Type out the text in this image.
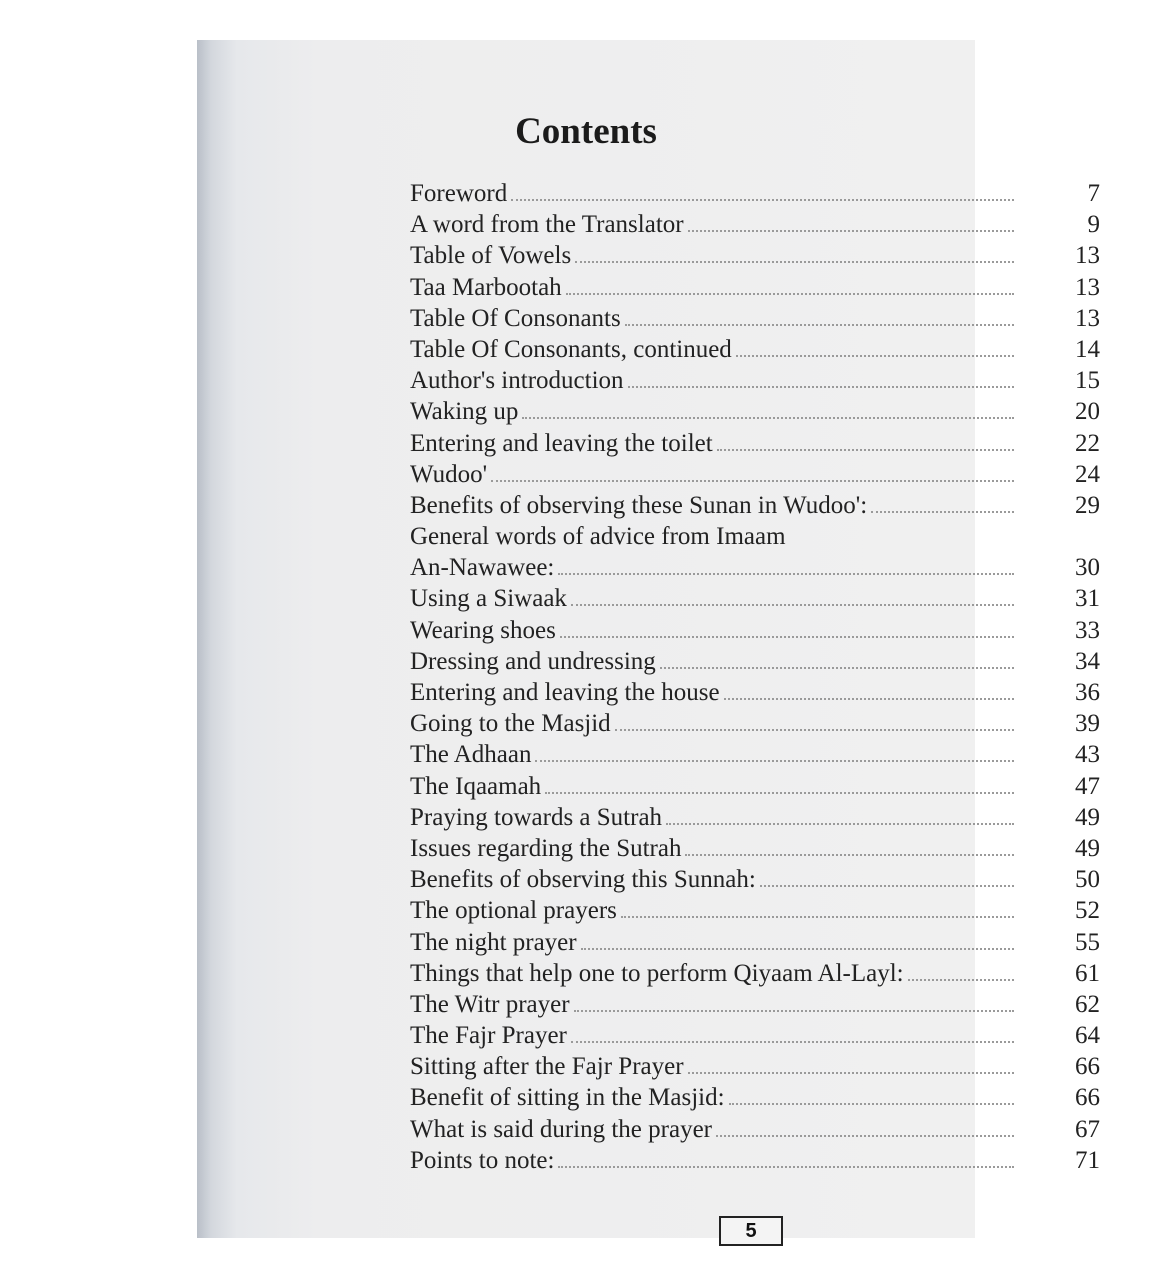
Contents
Foreword	7
A word from the Translator	9
Table of Vowels	13
Taa Marbootah	13
Table Of Consonants	13
Table Of Consonants, continued	14
Author's introduction	15
Waking up	20
Entering and leaving the toilet	22
Wudoo'	24
Benefits of observing these Sunan in Wudoo':	29
General words of advice from Imaam
An-Nawawee:	30
Using a Siwaak	31
Wearing shoes	33
Dressing and undressing	34
Entering and leaving the house	36
Going to the Masjid	39
The Adhaan	43
The Iqaamah	47
Praying towards a Sutrah	49
Issues regarding the Sutrah	49
Benefits of observing this Sunnah:	50
The optional prayers	52
The night prayer	55
Things that help one to perform Qiyaam Al-Layl:	61
The Witr prayer	62
The Fajr Prayer	64
Sitting after the Fajr Prayer	66
Benefit of sitting in the Masjid:	66
What is said during the prayer	67
Points to note:	71
5
